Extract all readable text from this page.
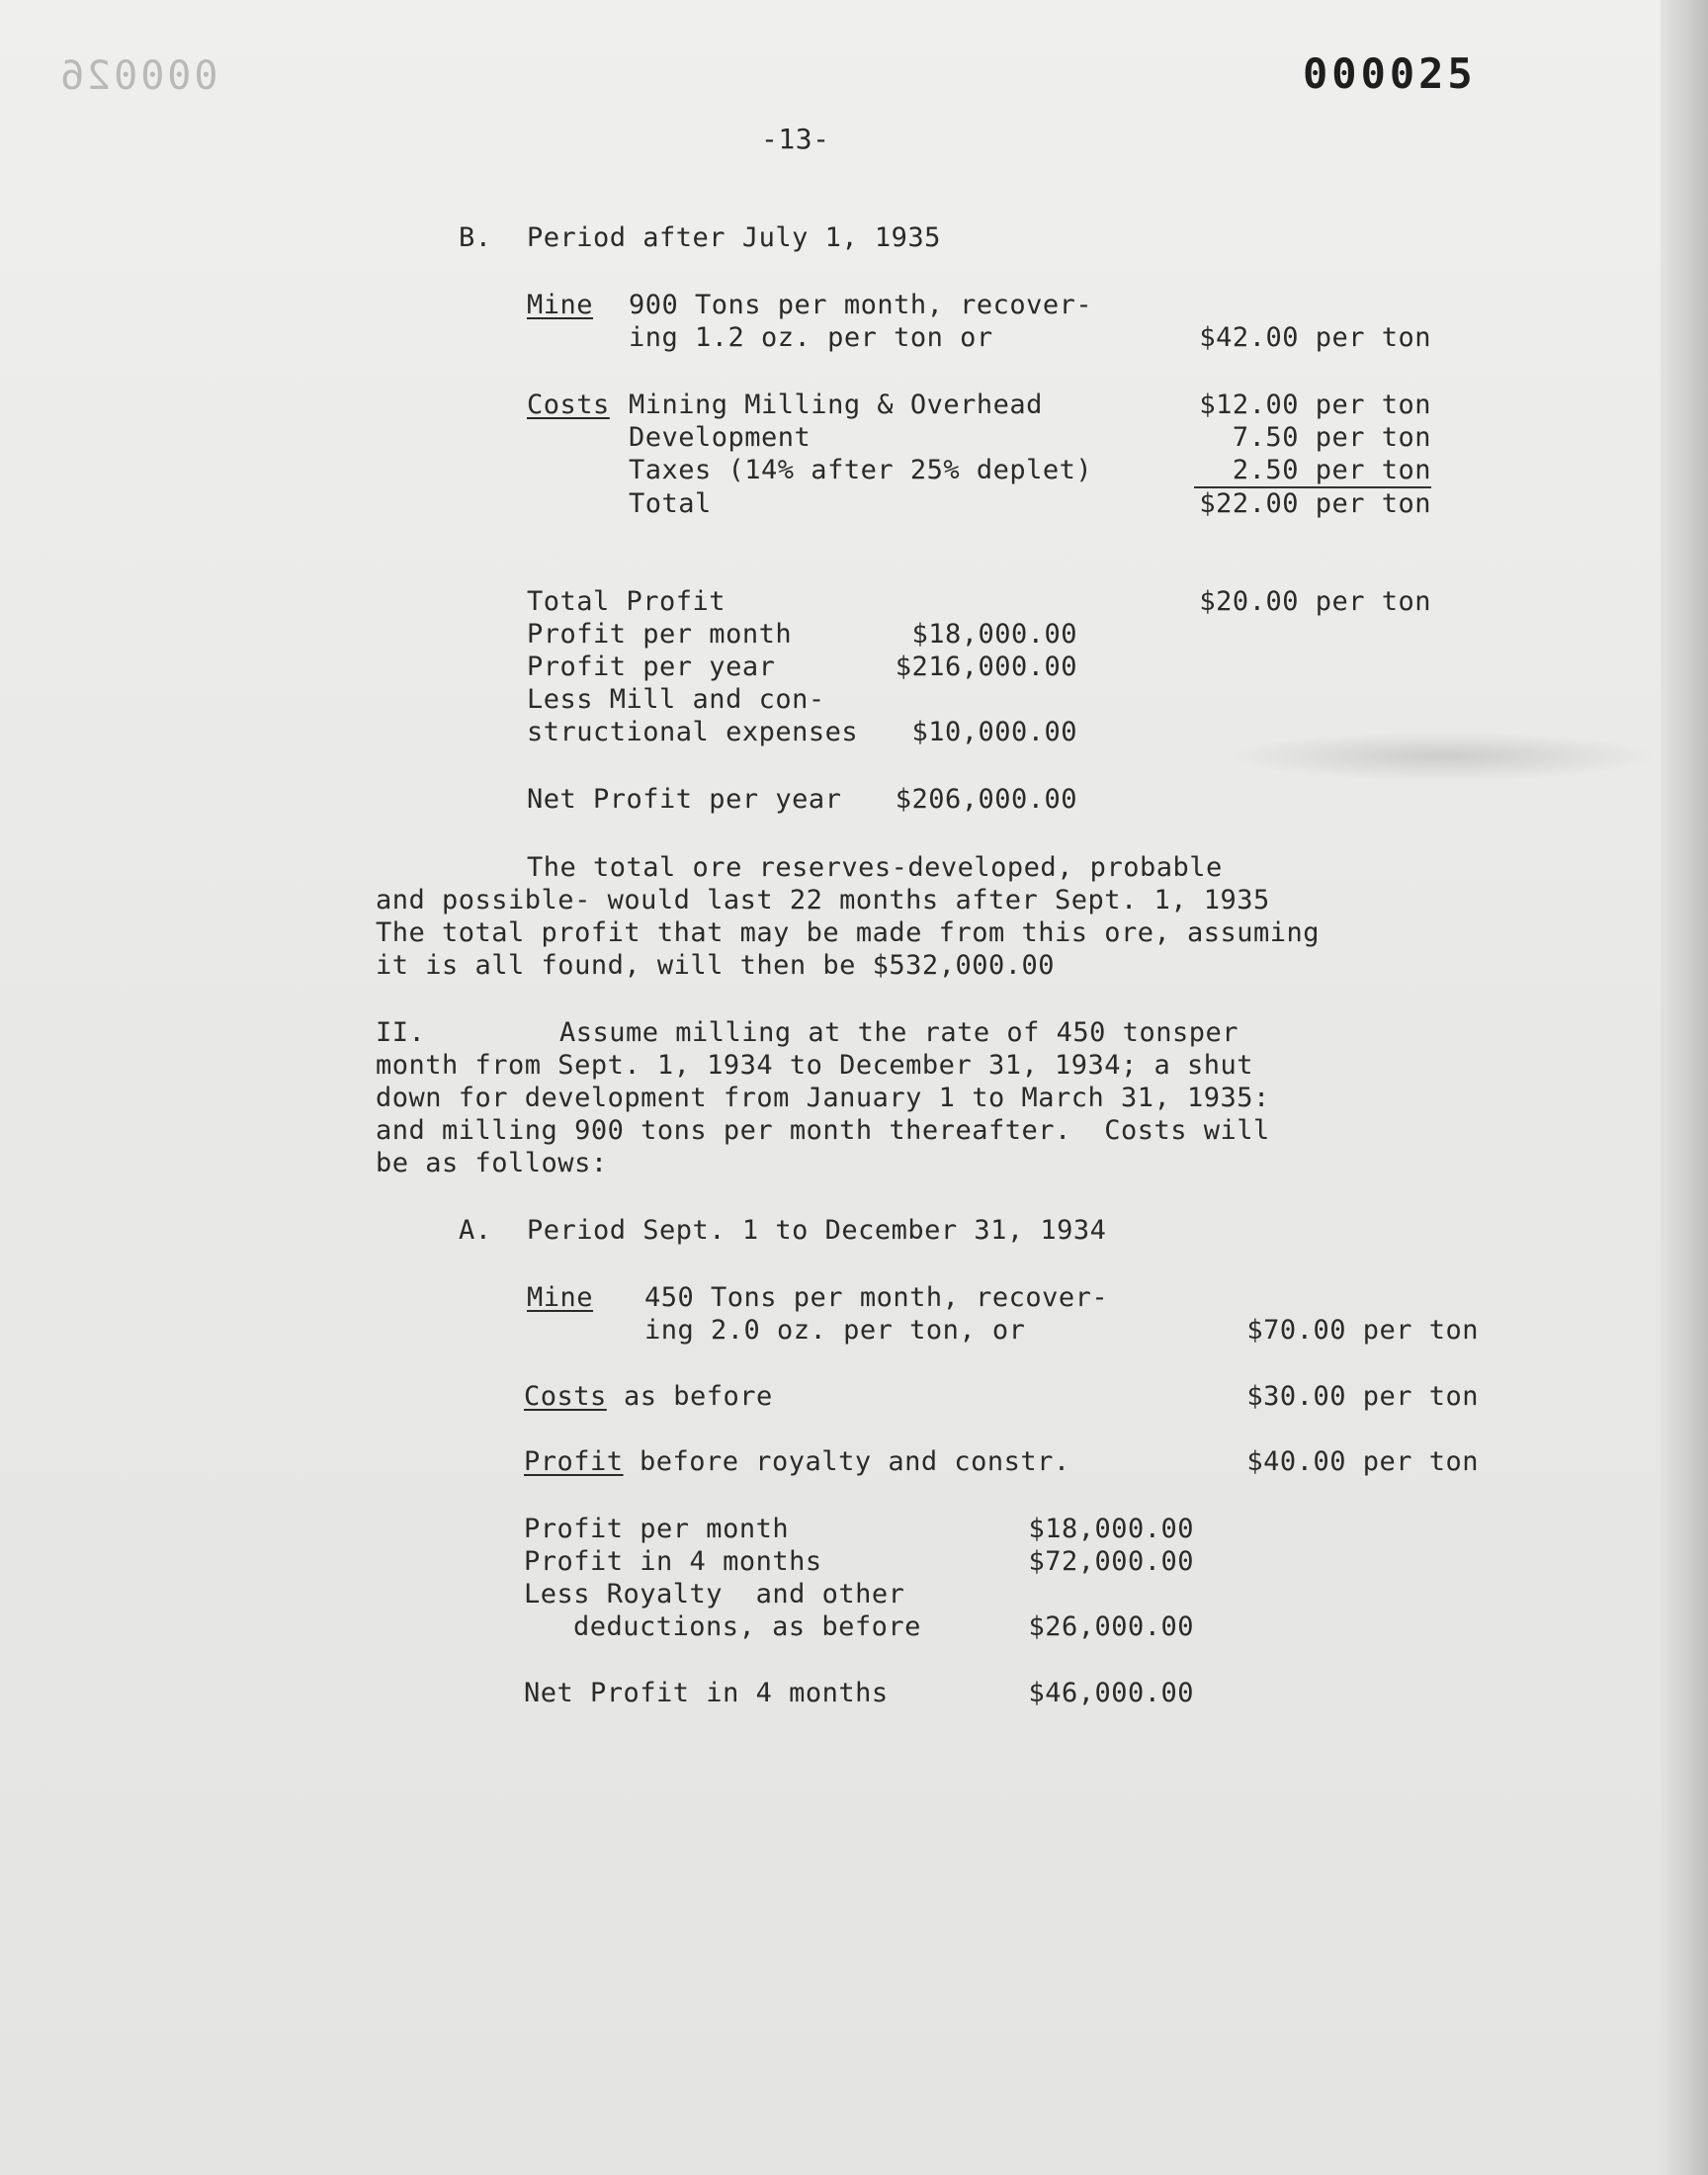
000026	000025
-13-
B. Period after July 1, 1935
Mine 900 Tons per month, recover-
ing 1.2 oz. per ton or	$42.00 per ton
Costs Mining Milling & Overhead	$12.00 per ton
Development	7.50 per ton
Taxes (14% after 25% deplet)	2.50 per ton
Total	$22.00 per ton
Total Profit	$20.00 per ton
Profit per month	$18,000.00
Profit per year	$216,000.00
Less Mill and con-
structional expenses	$10,000.00
Net Profit per year	$206,000.00
The total ore reserves-developed, probable
and possible- would last 22 months after Sept. 1, 1935
The total profit that may be made from this ore, assuming
it is all found, will then be $532,000.00
II.	Assume milling at the rate of 450 tonsper
month from Sept. 1, 1934 to December 31, 1934; a shut
down for development from January 1 to March 31, 1935:
and milling 900 tons per month thereafter.  Costs will
be as follows:
A. Period Sept. 1 to December 31, 1934
Mine 450 Tons per month, recover-
ing 2.0 oz. per ton, or	$70.00 per ton
Costs as before	$30.00 per ton
Profit before royalty and constr.	$40.00 per ton
Profit per month	$18,000.00
Profit in 4 months	$72,000.00
Less Royalty  and other
deductions, as before	$26,000.00
Net Profit in 4 months	$46,000.00
